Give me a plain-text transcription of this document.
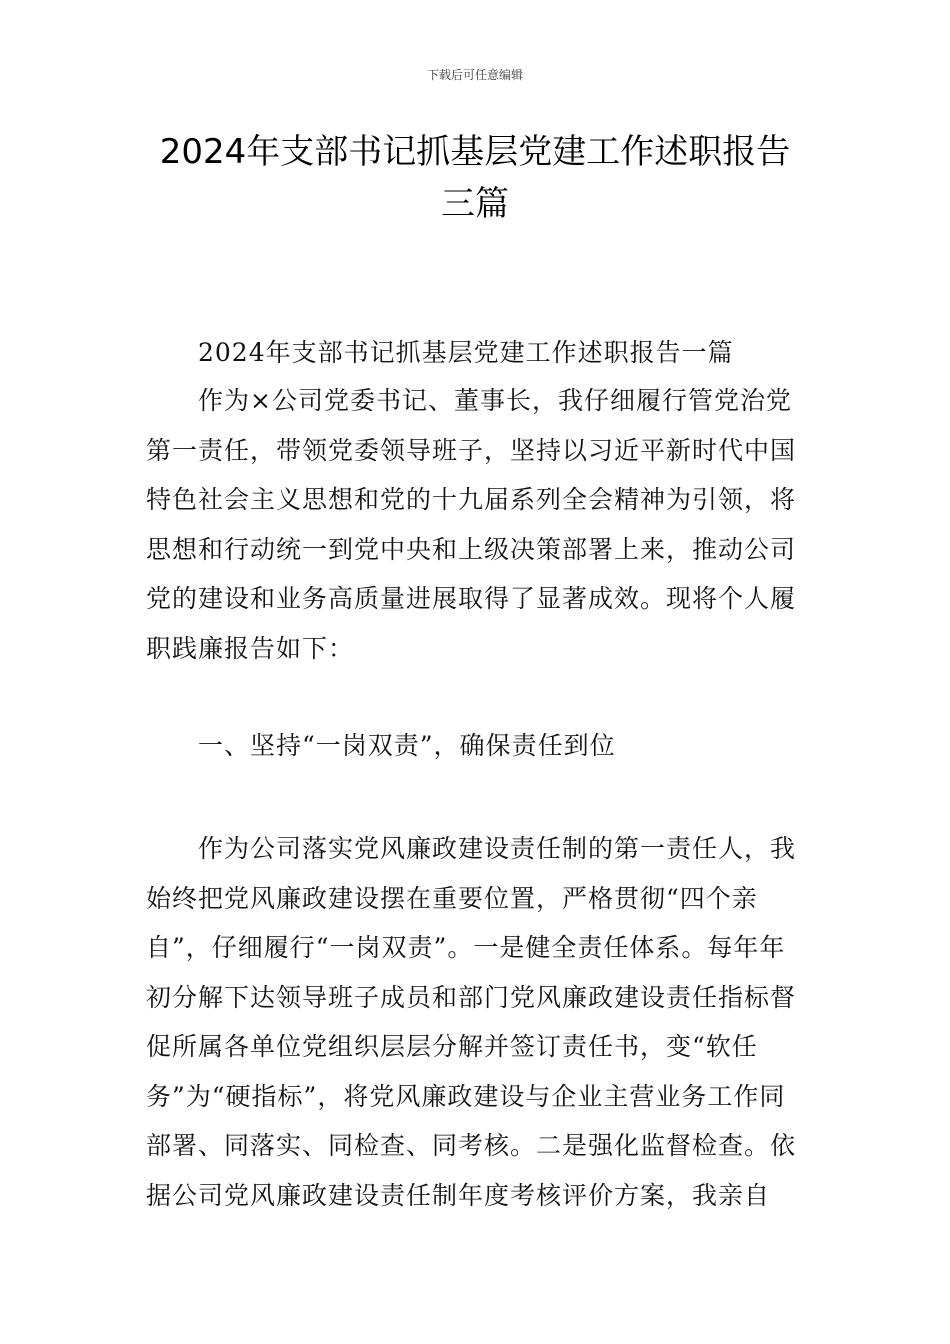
下载后可任意编辑
2024年支部书记抓基层党建工作述职报告
三篇

2024年支部书记抓基层党建工作述职报告一篇

作为×公司党委书记、董事长，我仔细履行管党治党第一责任，带领党委领导班子，坚持以习近平新时代中国特色社会主义思想和党的十九届系列全会精神为引领，将思想和行动统一到党中央和上级决策部署上来，推动公司党的建设和业务高质量进展取得了显著成效。现将个人履职践廉报告如下：

一、坚持“一岗双责”，确保责任到位

作为公司落实党风廉政建设责任制的第一责任人，我始终把党风廉政建设摆在重要位置，严格贯彻“四个亲自”，仔细履行“一岗双责”。一是健全责任体系。每年年初分解下达领导班子成员和部门党风廉政建设责任指标督促所属各单位党组织层层分解并签订责任书，变“软任务”为“硬指标”，将党风廉政建设与企业主营业务工作同部署、同落实、同检查、同考核。二是强化监督检查。依据公司党风廉政建设责任制年度考核评价方案，我亲自
